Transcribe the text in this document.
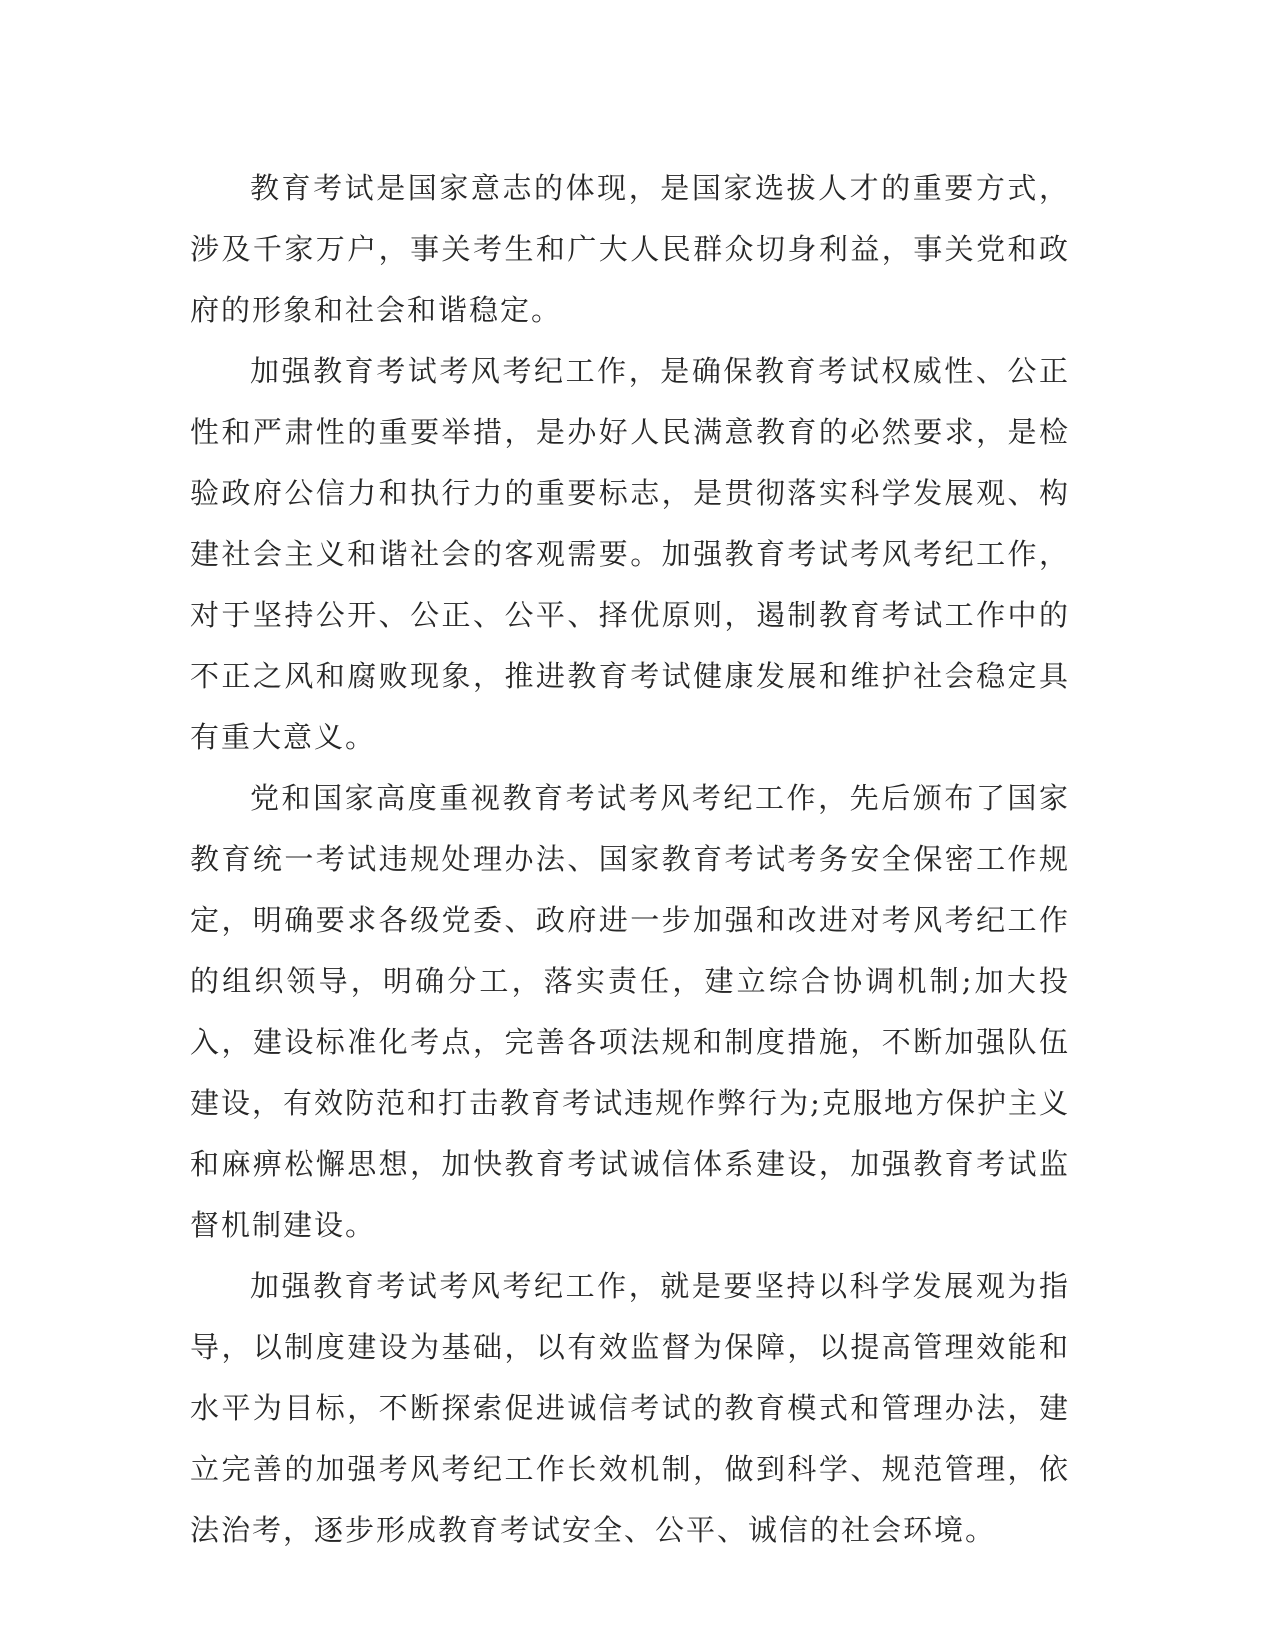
教育考试是国家意志的体现，是国家选拔人才的重要方式，涉及千家万户，事关考生和广大人民群众切身利益，事关党和政府的形象和社会和谐稳定。

加强教育考试考风考纪工作，是确保教育考试权威性、公正性和严肃性的重要举措，是办好人民满意教育的必然要求，是检验政府公信力和执行力的重要标志，是贯彻落实科学发展观、构建社会主义和谐社会的客观需要。加强教育考试考风考纪工作，对于坚持公开、公正、公平、择优原则，遏制教育考试工作中的不正之风和腐败现象，推进教育考试健康发展和维护社会稳定具有重大意义。

党和国家高度重视教育考试考风考纪工作，先后颁布了国家教育统一考试违规处理办法、国家教育考试考务安全保密工作规定，明确要求各级党委、政府进一步加强和改进对考风考纪工作的组织领导，明确分工，落实责任，建立综合协调机制;加大投入，建设标准化考点，完善各项法规和制度措施，不断加强队伍建设，有效防范和打击教育考试违规作弊行为;克服地方保护主义和麻痹松懈思想，加快教育考试诚信体系建设，加强教育考试监督机制建设。

加强教育考试考风考纪工作，就是要坚持以科学发展观为指导，以制度建设为基础，以有效监督为保障，以提高管理效能和水平为目标，不断探索促进诚信考试的教育模式和管理办法，建立完善的加强考风考纪工作长效机制，做到科学、规范管理，依法治考，逐步形成教育考试安全、公平、诚信的社会环境。
